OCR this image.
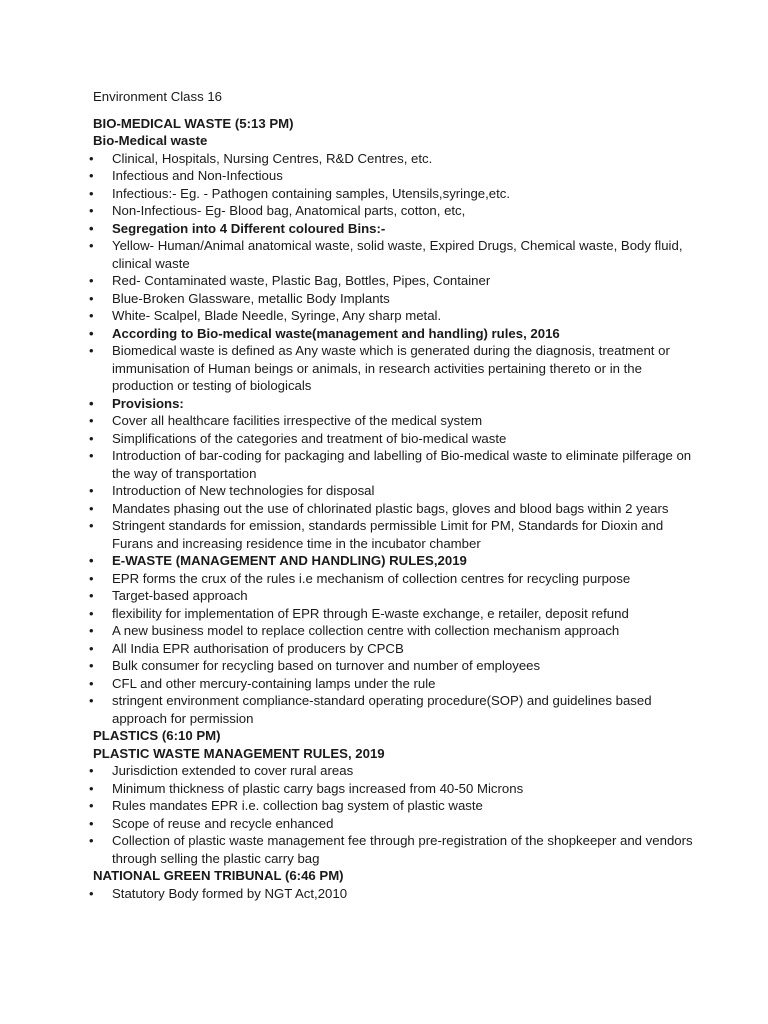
Environment Class 16
BIO-MEDICAL WASTE (5:13 PM)
Bio-Medical waste
• Clinical, Hospitals, Nursing Centres, R&D Centres, etc.
• Infectious and Non-Infectious
• Infectious:- Eg. - Pathogen containing samples, Utensils,syringe,etc.
• Non-Infectious- Eg- Blood bag, Anatomical parts, cotton, etc,
• Segregation into 4 Different coloured Bins:-
• Yellow- Human/Animal anatomical waste, solid waste, Expired Drugs, Chemical waste, Body fluid, clinical waste
• Red- Contaminated waste, Plastic Bag, Bottles, Pipes, Container
• Blue-Broken Glassware, metallic Body Implants
• White- Scalpel, Blade Needle, Syringe, Any sharp metal.
• According to Bio-medical waste(management and handling) rules, 2016
• Biomedical waste is defined as Any waste which is generated during the diagnosis, treatment or immunisation of Human beings or animals, in research activities pertaining thereto or in the production or testing of biologicals
• Provisions:
• Cover all healthcare facilities irrespective of the medical system
• Simplifications of the categories and treatment of bio-medical waste
• Introduction of bar-coding for packaging and labelling of Bio-medical waste to eliminate pilferage on the way of transportation
• Introduction of New technologies for disposal
• Mandates phasing out the use of chlorinated plastic bags, gloves and blood bags within 2 years
• Stringent standards for emission, standards permissible Limit for PM, Standards for Dioxin and Furans and increasing residence time in the incubator chamber
• E-WASTE (MANAGEMENT AND HANDLING) RULES,2019
• EPR forms the crux of the rules i.e mechanism of collection centres for recycling purpose
• Target-based approach
• flexibility for implementation of EPR through E-waste exchange, e retailer, deposit refund
• A new business model to replace collection centre with collection mechanism approach
• All India EPR authorisation of producers by CPCB
• Bulk consumer for recycling based on turnover and number of employees
• CFL and other mercury-containing lamps under the rule
• stringent environment compliance-standard operating procedure(SOP) and guidelines based approach for permission
PLASTICS (6:10 PM)
PLASTIC WASTE MANAGEMENT RULES, 2019
• Jurisdiction extended to cover rural areas
• Minimum thickness of plastic carry bags increased from 40-50 Microns
• Rules mandates EPR i.e. collection bag system of plastic waste
• Scope of reuse and recycle enhanced
• Collection of plastic waste management fee through pre-registration of the shopkeeper and vendors through selling the plastic carry bag
NATIONAL GREEN TRIBUNAL (6:46 PM)
• Statutory Body formed by NGT Act,2010
